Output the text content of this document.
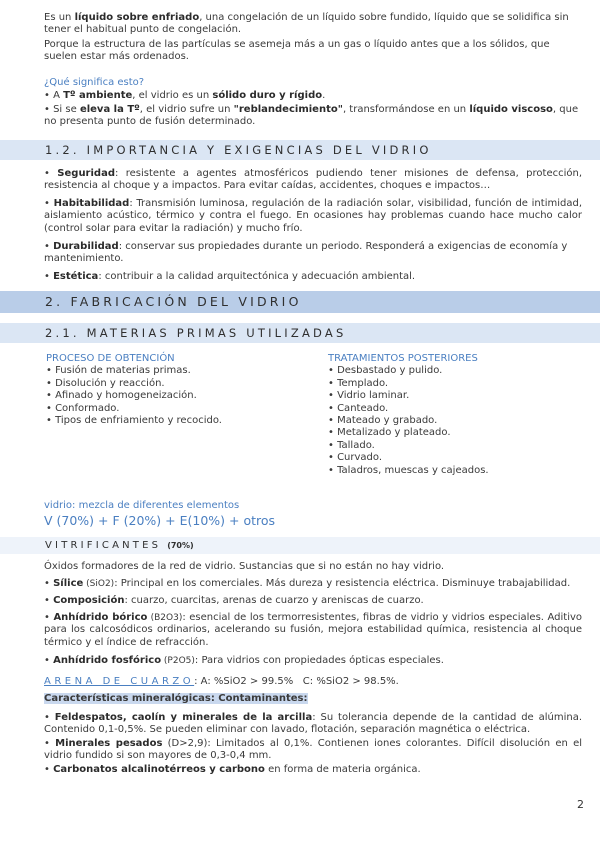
Es un líquido sobre enfriado, una congelación de un líquido sobre fundido, líquido que se solidifica sin tener el habitual punto de congelación.
Porque la estructura de las partículas se asemeja más a un gas o líquido antes que a los sólidos, que suelen estar más ordenados.
¿Qué significa esto?
• A Tº ambiente, el vidrio es un sólido duro y rígido.
• Si se eleva la Tº, el vidrio sufre un "reblandecimiento", transformándose en un líquido viscoso, que no presenta punto de fusión determinado.
1.2. IMPORTANCIA Y EXIGENCIAS DEL VIDRIO
• Seguridad: resistente a agentes atmosféricos pudiendo tener misiones de defensa, protección, resistencia al choque y a impactos. Para evitar caídas, accidentes, choques e impactos…
• Habitabilidad: Transmisión luminosa, regulación de la radiación solar, visibilidad, función de intimidad, aislamiento acústico, térmico y contra el fuego. En ocasiones hay problemas cuando hace mucho calor (control solar para evitar la radiación) y mucho frío.
• Durabilidad: conservar sus propiedades durante un periodo. Responderá a exigencias de economía y mantenimiento.
• Estética: contribuir a la calidad arquitectónica y adecuación ambiental.
2. FABRICACIÓN DEL VIDRIO
2.1. MATERIAS PRIMAS UTILIZADAS
PROCESO DE OBTENCIÓN
• Fusión de materias primas.
• Disolución y reacción.
• Afinado y homogeneización.
• Conformado.
• Tipos de enfriamiento y recocido.
TRATAMIENTOS POSTERIORES
• Desbastado y pulido.
• Templado.
• Vidrio laminar.
• Canteado.
• Mateado y grabado.
• Metalizado y plateado.
• Tallado.
• Curvado.
• Taladros, muescas y cajeados.
vidrio: mezcla de diferentes elementos
V (70%) + F (20%) + E(10%) + otros
VITRIFICANTES (70%)
Óxidos formadores de la red de vidrio. Sustancias que si no están no hay vidrio.
• Sílice (SiO2): Principal en los comerciales. Más dureza y resistencia eléctrica. Disminuye trabajabilidad.
• Composición: cuarzo, cuarcitas, arenas de cuarzo y areniscas de cuarzo.
• Anhídrido bórico (B2O3): esencial de los termorresistentes, fibras de vidrio y vidrios especiales. Aditivo para los calcosódicos ordinarios, acelerando su fusión, mejora estabilidad química, resistencia al choque térmico y el índice de refracción.
• Anhídrido fosfórico (P2O5): Para vidrios con propiedades ópticas especiales.
ARENA DE CUARZO: A: %SiO2 > 99.5%   C: %SiO2 > 98.5%.
Características mineralógicas: Contaminantes:
• Feldespatos, caolín y minerales de la arcilla: Su tolerancia depende de la cantidad de alúmina. Contenido 0,1-0,5%. Se pueden eliminar con lavado, flotación, separación magnética o eléctrica.
• Minerales pesados (D>2,9): Limitados al 0,1%. Contienen iones colorantes. Difícil disolución en el vidrio fundido si son mayores de 0,3-0,4 mm.
• Carbonatos alcalinotérreos y carbono en forma de materia orgánica.
2
